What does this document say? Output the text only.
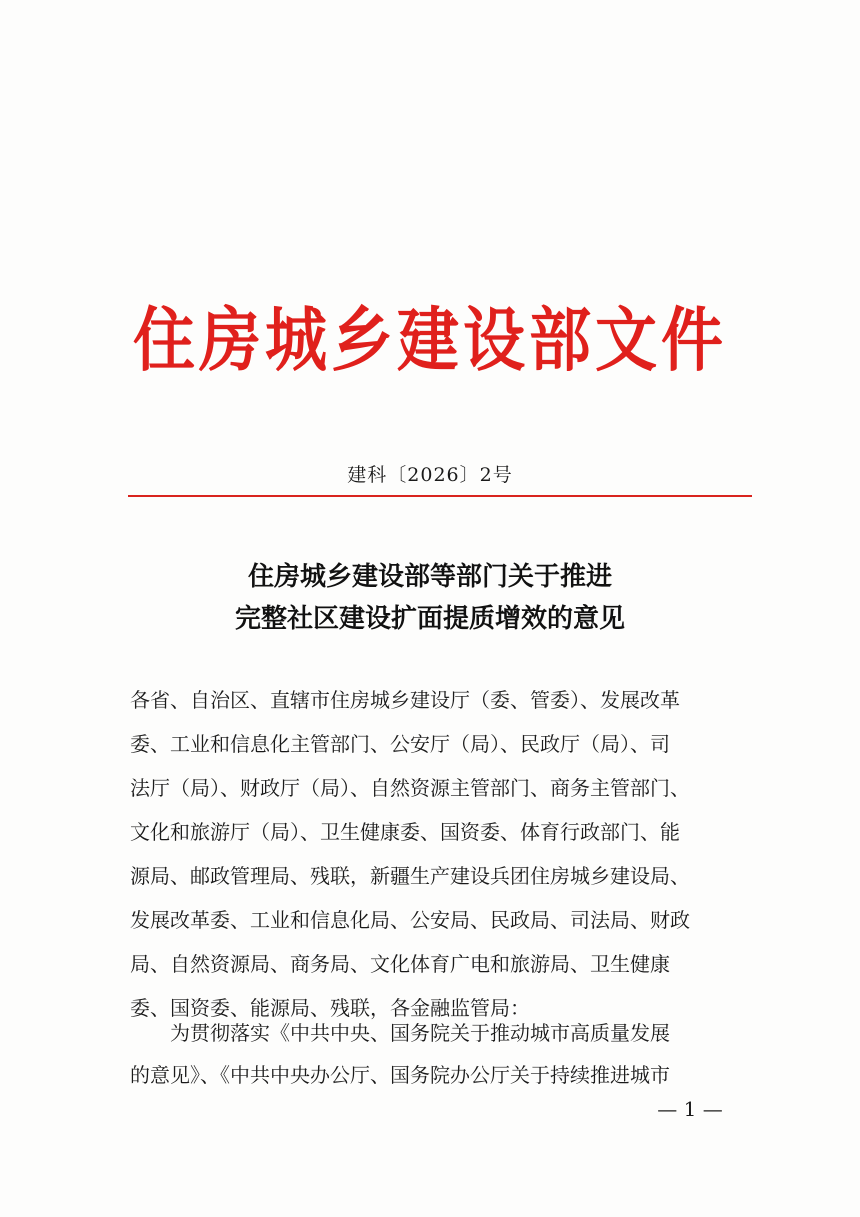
住房城乡建设部文件
建科〔2026〕2号
住房城乡建设部等部门关于推进
完整社区建设扩面提质增效的意见
各省、自治区、直辖市住房城乡建设厅（委、管委）、发展改革
委、工业和信息化主管部门、公安厅（局）、民政厅（局）、司
法厅（局）、财政厅（局）、自然资源主管部门、商务主管部门、
文化和旅游厅（局）、卫生健康委、国资委、体育行政部门、能
源局、邮政管理局、残联，新疆生产建设兵团住房城乡建设局、
发展改革委、工业和信息化局、公安局、民政局、司法局、财政
局、自然资源局、商务局、文化体育广电和旅游局、卫生健康
委、国资委、能源局、残联，各金融监管局：
为贯彻落实《中共中央、国务院关于推动城市高质量发展
的意见》、《中共中央办公厅、国务院办公厅关于持续推进城市
— 1 —
